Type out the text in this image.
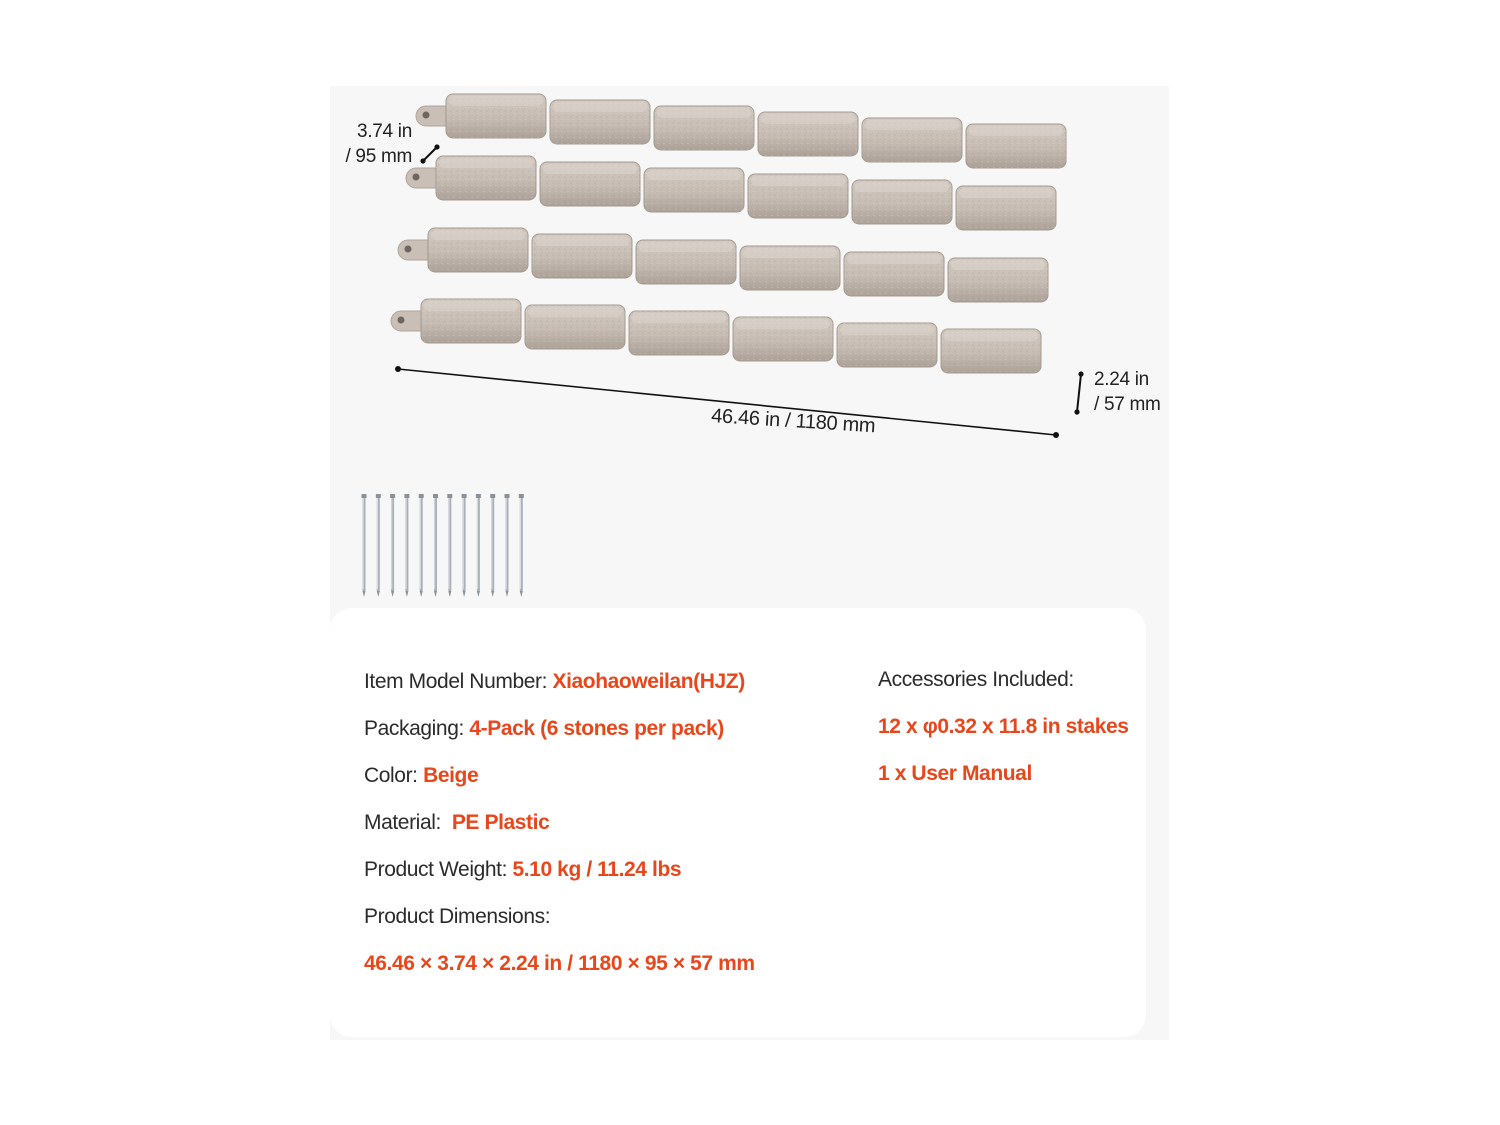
3.74 in
/ 95 mm
46.46 in / 1180 mm
2.24 in
/ 57 mm
Item Model Number: Xiaohaoweilan(HJZ)
Packaging: 4-Pack (6 stones per pack)
Color: Beige
Material: PE Plastic
Product Weight: 5.10 kg / 11.24 lbs
Product Dimensions:
46.46 × 3.74 × 2.24 in / 1180 × 95 × 57 mm
Accessories Included:
12 x φ0.32 x 11.8 in stakes
1 x User Manual
